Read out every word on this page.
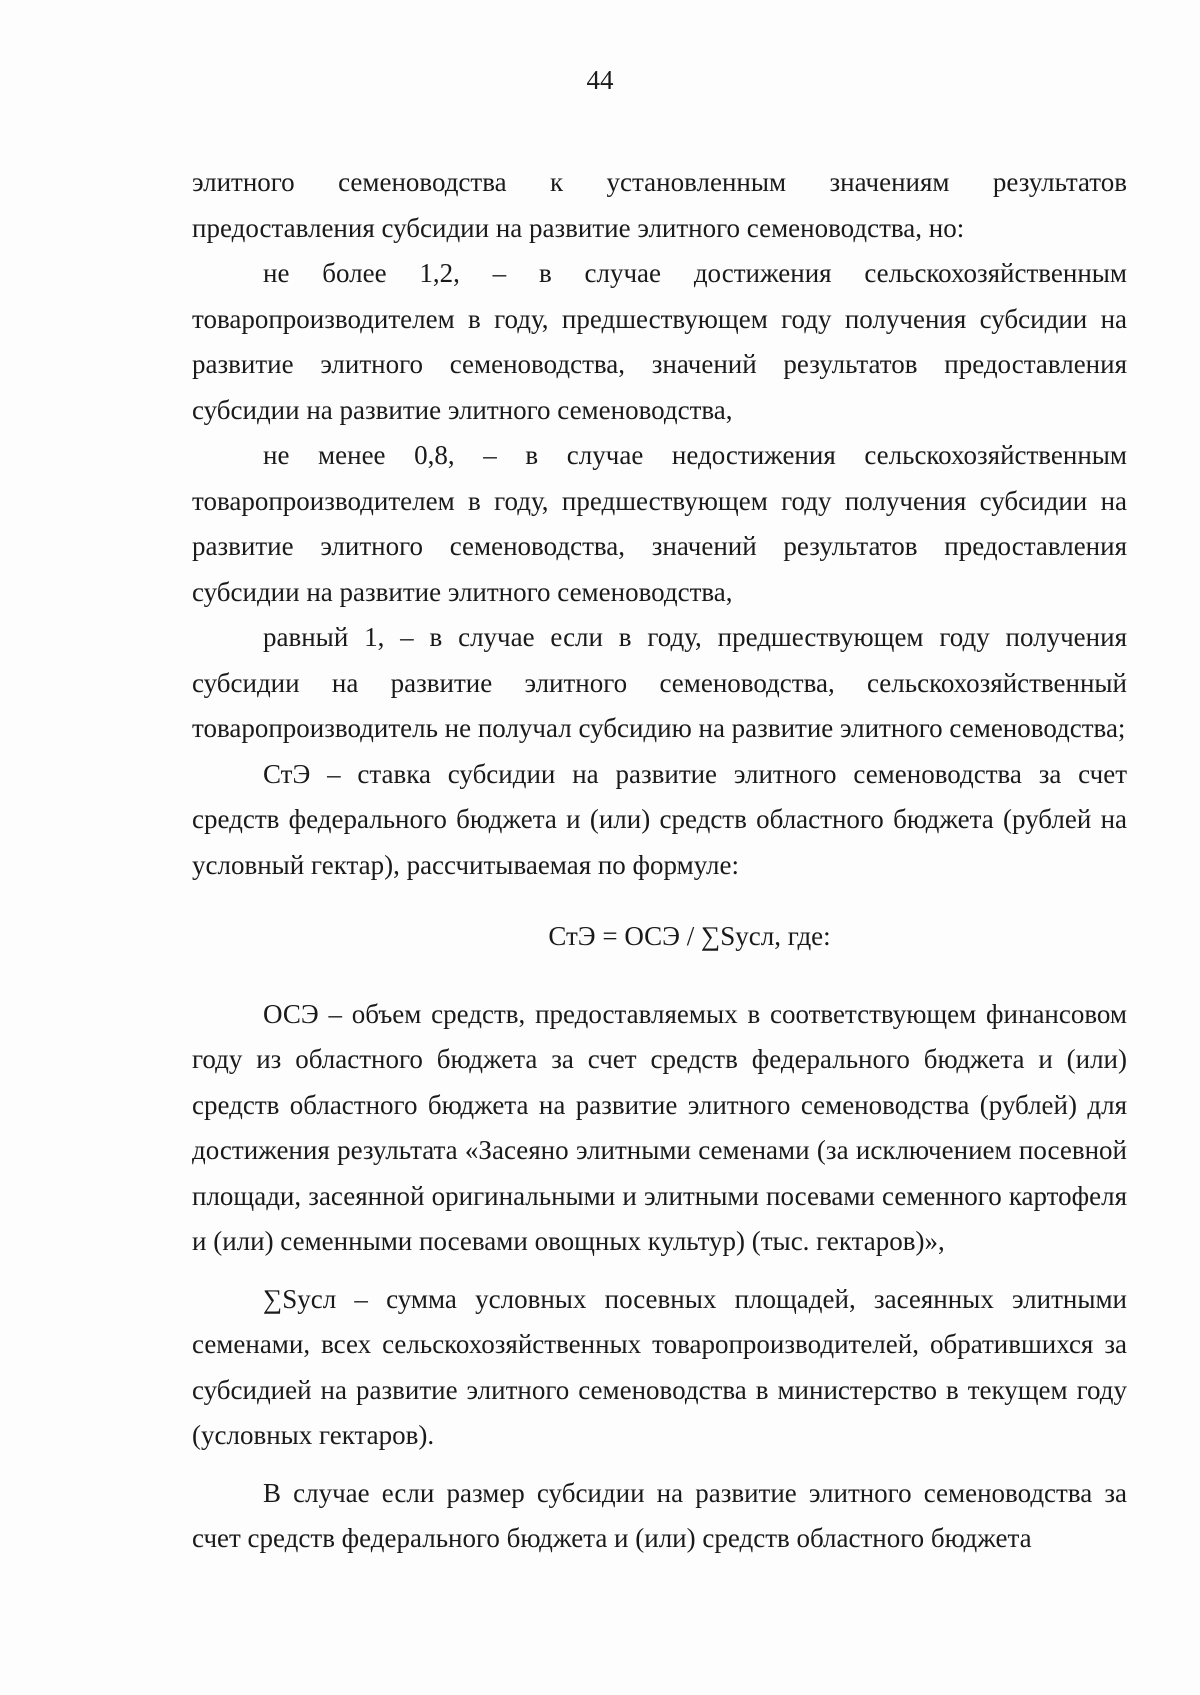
44

элитного семеноводства к установленным значениям результатов предоставления субсидии на развитие элитного семеноводства, но:

не более 1,2, – в случае достижения сельскохозяйственным товаропроизводителем в году, предшествующем году получения субсидии на развитие элитного семеноводства, значений результатов предоставления субсидии на развитие элитного семеноводства,

не менее 0,8, – в случае недостижения сельскохозяйственным товаропроизводителем в году, предшествующем году получения субсидии на развитие элитного семеноводства, значений результатов предоставления субсидии на развитие элитного семеноводства,

равный 1, – в случае если в году, предшествующем году получения субсидии на развитие элитного семеноводства, сельскохозяйственный товаропроизводитель не получал субсидию на развитие элитного семеноводства;

СтЭ – ставка субсидии на развитие элитного семеноводства за счет средств федерального бюджета и (или) средств областного бюджета (рублей на условный гектар), рассчитываемая по формуле:

СтЭ = ОСЭ / ∑Sусл, где:

ОСЭ – объем средств, предоставляемых в соответствующем финансовом году из областного бюджета за счет средств федерального бюджета и (или) средств областного бюджета на развитие элитного семеноводства (рублей) для достижения результата «Засеяно элитными семенами (за исключением посевной площади, засеянной оригинальными и элитными посевами семенного картофеля и (или) семенными посевами овощных культур) (тыс. гектаров)»,

∑Sусл – сумма условных посевных площадей, засеянных элитными семенами, всех сельскохозяйственных товаропроизводителей, обратившихся за субсидией на развитие элитного семеноводства в министерство в текущем году (условных гектаров).

В случае если размер субсидии на развитие элитного семеноводства за счет средств федерального бюджета и (или) средств областного бюджета
